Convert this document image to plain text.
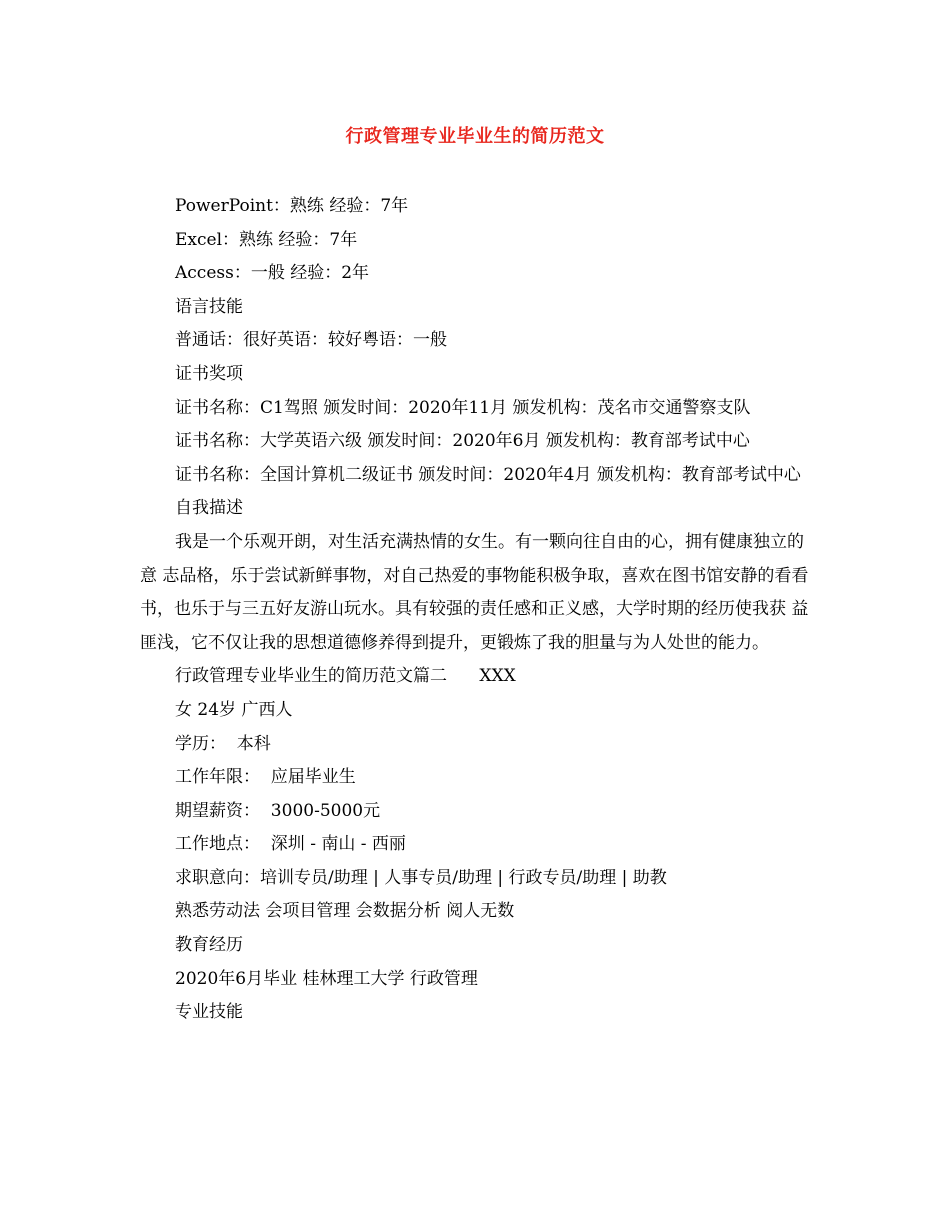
行政管理专业毕业生的简历范文

PowerPoint：熟练 经验：7年

Excel：熟练 经验：7年

Access：一般 经验：2年

语言技能

普通话：很好英语：较好粤语：一般

证书奖项

证书名称：C1驾照 颁发时间：2020年11月 颁发机构：茂名市交通警察支队

证书名称：大学英语六级 颁发时间：2020年6月 颁发机构：教育部考试中心

证书名称：全国计算机二级证书 颁发时间：2020年4月 颁发机构：教育部考试中心

自我描述

我是一个乐观开朗，对生活充满热情的女生。有一颗向往自由的心，拥有健康独立的意 志品格，乐于尝试新鲜事物，对自己热爱的事物能积极争取，喜欢在图书馆安静的看看 书，也乐于与三五好友游山玩水。具有较强的责任感和正义感，大学时期的经历使我获 益匪浅，它不仅让我的思想道德修养得到提升，更锻炼了我的胆量与为人处世的能力。

行政管理专业毕业生的简历范文篇二      XXX

女 24岁 广西人

学历：  本科

工作年限：  应届毕业生

期望薪资：  3000-5000元

工作地点：  深圳 - 南山 - 西丽

求职意向：培训专员/助理 | 人事专员/助理 | 行政专员/助理 | 助教

熟悉劳动法 会项目管理 会数据分析 阅人无数

教育经历

2020年6月毕业 桂林理工大学 行政管理

专业技能
